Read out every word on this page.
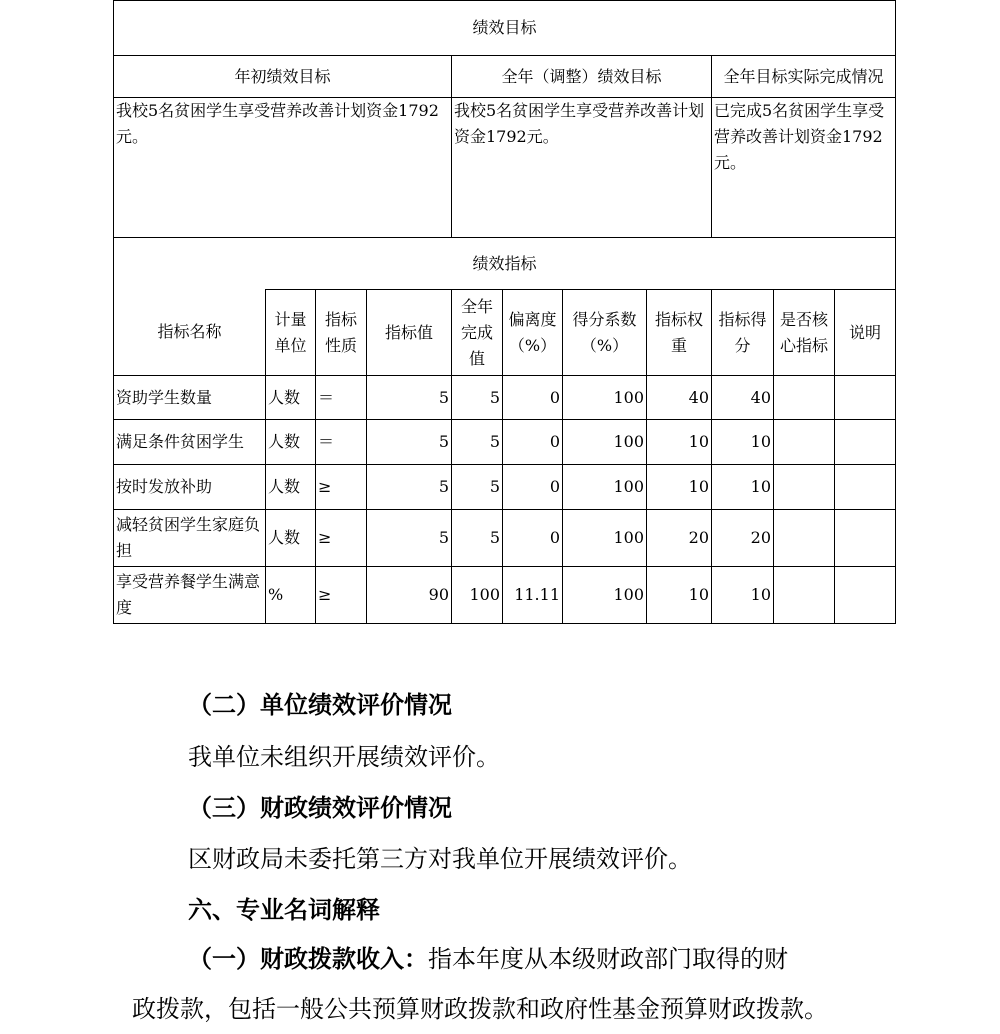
绩效目标										
年初绩效目标				全年（调整）绩效目标				全年目标实际完成情况		
我校5名贫困学生享受营养改善计划资金1792元。				我校5名贫困学生享受营养改善计划资金1792元。				已完成5名贫困学生享受营养改善计划资金1792元。		
绩效指标										
指标名称	计量单位	指标性质	指标值	全年完成值	偏离度（%）	得分系数（%）	指标权重	指标得分	是否核心指标	说明
资助学生数量	人数	＝	5	5	0	100	40	40		
满足条件贫困学生	人数	＝	5	5	0	100	10	10		
按时发放补助	人数	≥	5	5	0	100	10	10		
减轻贫困学生家庭负担	人数	≥	5	5	0	100	20	20		
享受营养餐学生满意度	%	≥	90	100	11.11	100	10	10		
（二）单位绩效评价情况
我单位未组织开展绩效评价。
（三）财政绩效评价情况
区财政局未委托第三方对我单位开展绩效评价。
六、专业名词解释
（一）财政拨款收入：指本年度从本级财政部门取得的财
政拨款，包括一般公共预算财政拨款和政府性基金预算财政拨款。
